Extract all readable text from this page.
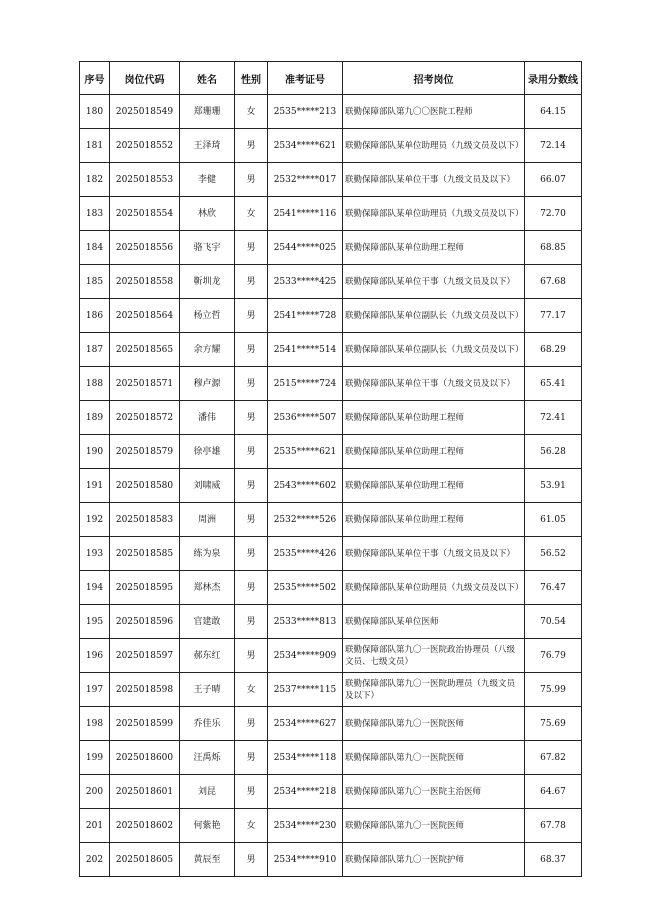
序号	岗位代码	姓名	性别	准考证号	招考岗位	录用分数线
180	2025018549	郑珊珊	女	2535*****213	联勤保障部队第九〇〇医院工程师	64.15
181	2025018552	王泽琦	男	2534*****621	联勤保障部队某单位助理员（九级文员及以下）	72.14
182	2025018553	李健	男	2532*****017	联勤保障部队某单位干事（九级文员及以下）	66.07
183	2025018554	林欣	女	2541*****116	联勤保障部队某单位助理员（九级文员及以下）	72.70
184	2025018556	骆飞宇	男	2544*****025	联勤保障部队某单位助理工程师	68.85
185	2025018558	靳圳龙	男	2533*****425	联勤保障部队某单位干事（九级文员及以下）	67.68
186	2025018564	杨立哲	男	2541*****728	联勤保障部队某单位副队长（九级文员及以下）	77.17
187	2025018565	余方耀	男	2541*****514	联勤保障部队某单位副队长（九级文员及以下）	68.29
188	2025018571	穆卢源	男	2515*****724	联勤保障部队某单位干事（九级文员及以下）	65.41
189	2025018572	潘伟	男	2536*****507	联勤保障部队某单位助理工程师	72.41
190	2025018579	徐亭雄	男	2535*****621	联勤保障部队某单位助理工程师	56.28
191	2025018580	刘啸威	男	2543*****602	联勤保障部队某单位助理工程师	53.91
192	2025018583	周洲	男	2532*****526	联勤保障部队某单位助理工程师	61.05
193	2025018585	练为泉	男	2535*****426	联勤保障部队某单位干事（九级文员及以下）	56.52
194	2025018595	郑林杰	男	2535*****502	联勤保障部队某单位助理员（九级文员及以下）	76.47
195	2025018596	官建敢	男	2533*****813	联勤保障部队某单位医师	70.54
196	2025018597	郝东红	男	2534*****909	联勤保障部队第九〇一医院政治协理员（八级文员、七级文员）	76.79
197	2025018598	王子晴	女	2537*****115	联勤保障部队第九〇一医院助理员（九级文员及以下）	75.99
198	2025018599	乔佳乐	男	2534*****627	联勤保障部队第九〇一医院医师	75.69
199	2025018600	汪禹烁	男	2534*****118	联勤保障部队第九〇一医院医师	67.82
200	2025018601	刘昆	男	2534*****218	联勤保障部队第九〇一医院主治医师	64.67
201	2025018602	何紫艳	女	2534*****230	联勤保障部队第九〇一医院医师	67.78
202	2025018605	黄辰至	男	2534*****910	联勤保障部队第九〇一医院护师	68.37
